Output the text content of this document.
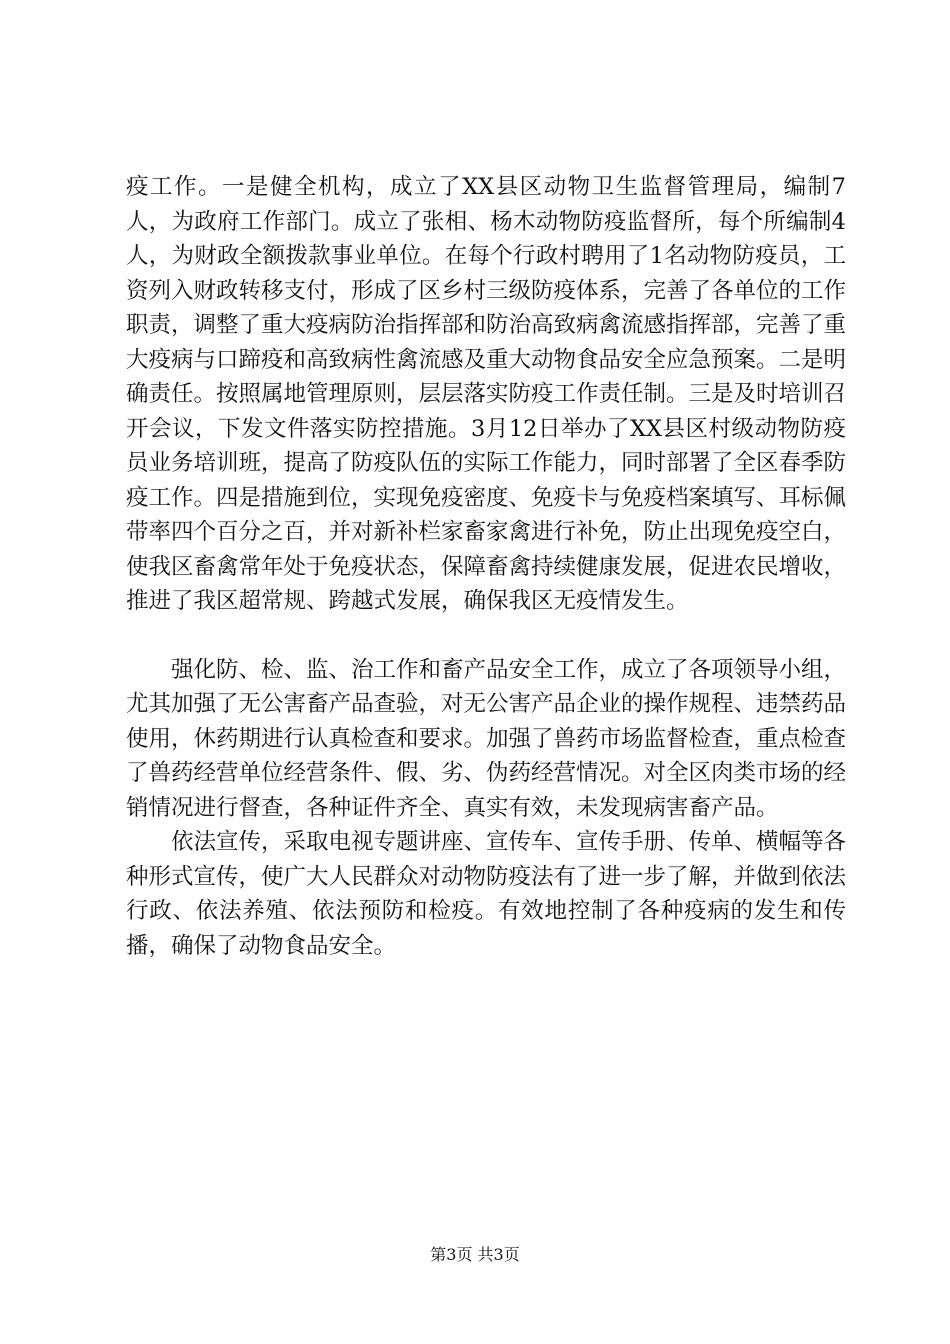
疫工作。一是健全机构，成立了XX县区动物卫生监督管理局，编制7人，为政府工作部门。成立了张相、杨木动物防疫监督所，每个所编制4人，为财政全额拨款事业单位。在每个行政村聘用了1名动物防疫员，工资列入财政转移支付，形成了区乡村三级防疫体系，完善了各单位的工作职责，调整了重大疫病防治指挥部和防治高致病禽流感指挥部，完善了重大疫病与口蹄疫和高致病性禽流感及重大动物食品安全应急预案。二是明确责任。按照属地管理原则，层层落实防疫工作责任制。三是及时培训召开会议，下发文件落实防控措施。3月12日举办了XX县区村级动物防疫员业务培训班，提高了防疫队伍的实际工作能力，同时部署了全区春季防疫工作。四是措施到位，实现免疫密度、免疫卡与免疫档案填写、耳标佩带率四个百分之百，并对新补栏家畜家禽进行补免，防止出现免疫空白，使我区畜禽常年处于免疫状态，保障畜禽持续健康发展，促进农民增收，推进了我区超常规、跨越式发展，确保我区无疫情发生。

强化防、检、监、治工作和畜产品安全工作，成立了各项领导小组，尤其加强了无公害畜产品查验，对无公害产品企业的操作规程、违禁药品使用，休药期进行认真检查和要求。加强了兽药市场监督检查，重点检查了兽药经营单位经营条件、假、劣、伪药经营情况。对全区肉类市场的经销情况进行督查，各种证件齐全、真实有效，未发现病害畜产品。

依法宣传，采取电视专题讲座、宣传车、宣传手册、传单、横幅等各种形式宣传，使广大人民群众对动物防疫法有了进一步了解，并做到依法行政、依法养殖、依法预防和检疫。有效地控制了各种疫病的发生和传播，确保了动物食品安全。

第3页 共3页
